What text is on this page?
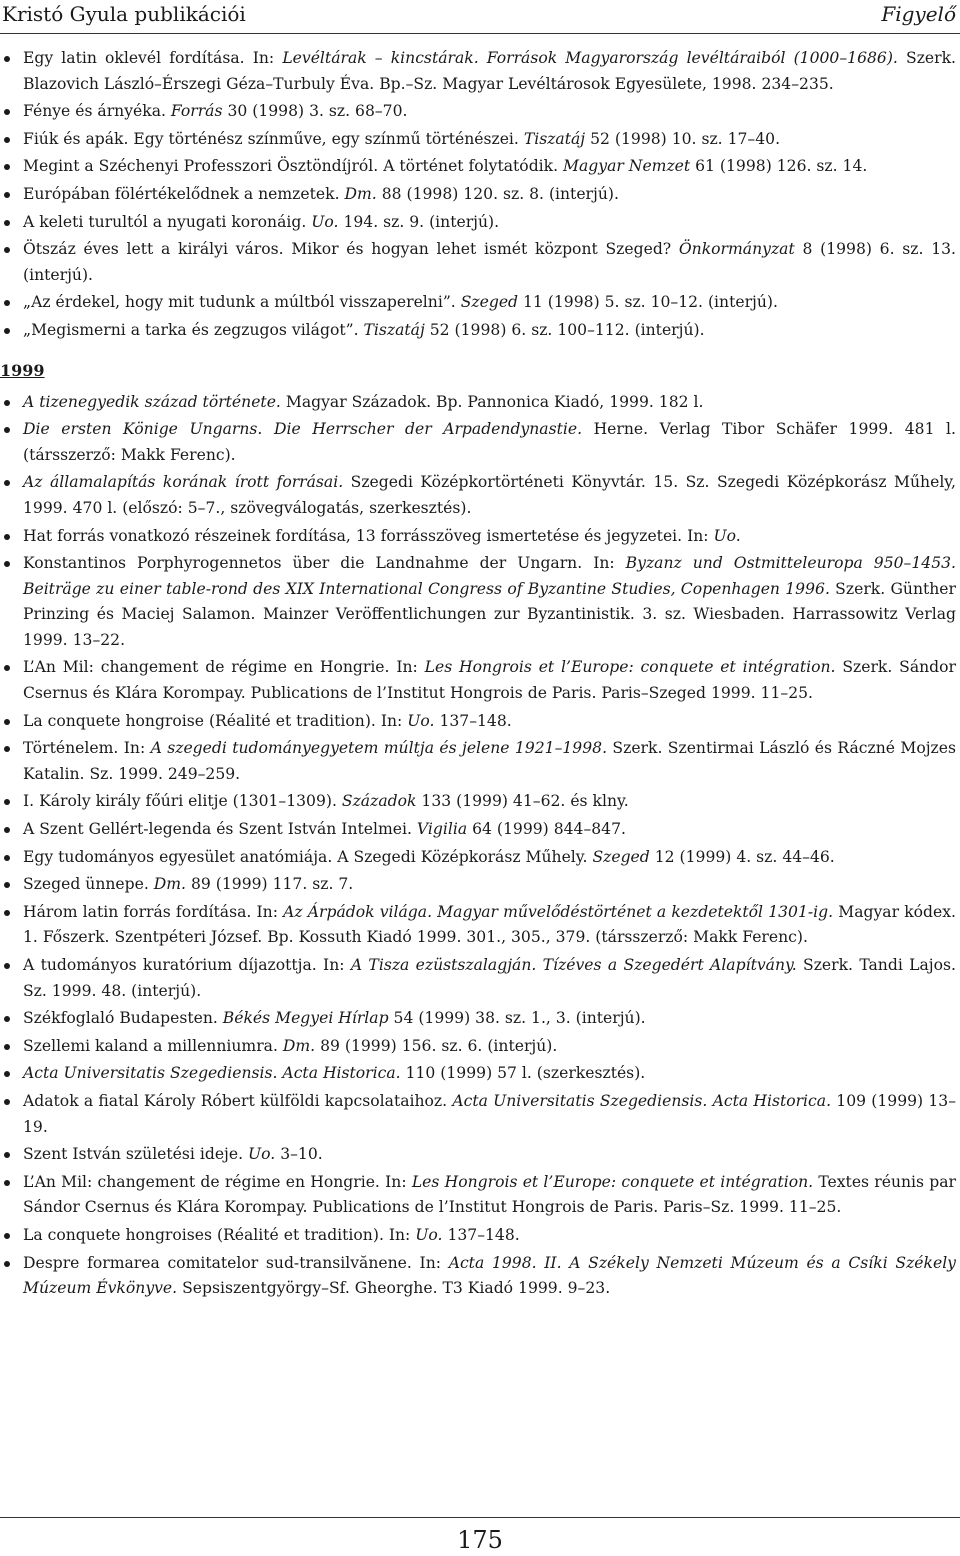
Kristó Gyula publikációi	Figyelő
Egy latin oklevél fordítása. In: Levéltárak – kincstárak. Források Magyarország levéltáraiból (1000–1686). Szerk. Blazovich László–Érszegi Géza–Turbuly Éva. Bp.–Sz. Magyar Levéltárosok Egyesülete, 1998. 234–235.
Fénye és árnyéka. Forrás 30 (1998) 3. sz. 68–70.
Fiúk és apák. Egy történész színműve, egy színmű történészei. Tiszatáj 52 (1998) 10. sz. 17–40.
Megint a Széchenyi Professzori Ösztöndíjról. A történet folytatódik. Magyar Nemzet 61 (1998) 126. sz. 14.
Európában fölértékelődnek a nemzetek. Dm. 88 (1998) 120. sz. 8. (interjú).
A keleti turultól a nyugati koronáig. Uo. 194. sz. 9. (interjú).
Ötszáz éves lett a királyi város. Mikor és hogyan lehet ismét központ Szeged? Önkormányzat 8 (1998) 6. sz. 13. (interjú).
„Az érdekel, hogy mit tudunk a múltból visszaperelni”. Szeged 11 (1998) 5. sz. 10–12. (interjú).
„Megismerni a tarka és zegzugos világot”. Tiszatáj 52 (1998) 6. sz. 100–112. (interjú).
1999
A tizenegyedik század története. Magyar Századok. Bp. Pannonica Kiadó, 1999. 182 l.
Die ersten Könige Ungarns. Die Herrscher der Arpadendynastie. Herne. Verlag Tibor Schäfer 1999. 481 l. (társszerző: Makk Ferenc).
Az államalapítás korának írott forrásai. Szegedi Középkortörténeti Könyvtár. 15. Sz. Szegedi Középkorász Műhely, 1999. 470 l. (előszó: 5–7., szövegválogatás, szerkesztés).
Hat forrás vonatkozó részeinek fordítása, 13 forrásszöveg ismertetése és jegyzetei. In: Uo.
Konstantinos Porphyrogennetos über die Landnahme der Ungarn. In: Byzanz und Ostmitteleuropa 950–1453. Beiträge zu einer table-rond des XIX International Congress of Byzantine Studies, Copenhagen 1996. Szerk. Günther Prinzing és Maciej Salamon. Mainzer Veröffentlichungen zur Byzantinistik. 3. sz. Wiesbaden. Harrassowitz Verlag 1999. 13–22.
L’An Mil: changement de régime en Hongrie. In: Les Hongrois et l’Europe: conquete et intégration. Szerk. Sándor Csernus és Klára Korompay. Publications de l’Institut Hongrois de Paris. Paris–Szeged 1999. 11–25.
La conquete hongroise (Réalité et tradition). In: Uo. 137–148.
Történelem. In: A szegedi tudományegyetem múltja és jelene 1921–1998. Szerk. Szentirmai László és Ráczné Mojzes Katalin. Sz. 1999. 249–259.
I. Károly király főúri elitje (1301–1309). Századok 133 (1999) 41–62. és klny.
A Szent Gellért-legenda és Szent István Intelmei. Vigilia 64 (1999) 844–847.
Egy tudományos egyesület anatómiája. A Szegedi Középkorász Műhely. Szeged 12 (1999) 4. sz. 44–46.
Szeged ünnepe. Dm. 89 (1999) 117. sz. 7.
Három latin forrás fordítása. In: Az Árpádok világa. Magyar művelődéstörténet a kezdetektől 1301-ig. Magyar kódex. 1. Főszerk. Szentpéteri József. Bp. Kossuth Kiadó 1999. 301., 305., 379. (társszerző: Makk Ferenc).
A tudományos kuratórium díjazottja. In: A Tisza ezüstszalagján. Tízéves a Szegedért Alapítvány. Szerk. Tandi Lajos. Sz. 1999. 48. (interjú).
Székfoglaló Budapesten. Békés Megyei Hírlap 54 (1999) 38. sz. 1., 3. (interjú).
Szellemi kaland a millenniumra. Dm. 89 (1999) 156. sz. 6. (interjú).
Acta Universitatis Szegediensis. Acta Historica. 110 (1999) 57 l. (szerkesztés).
Adatok a fiatal Károly Róbert külföldi kapcsolataihoz. Acta Universitatis Szegediensis. Acta Historica. 109 (1999) 13–19.
Szent István születési ideje. Uo. 3–10.
L’An Mil: changement de régime en Hongrie. In: Les Hongrois et l’Europe: conquete et intégration. Textes réunis par Sándor Csernus és Klára Korompay. Publications de l’Institut Hongrois de Paris. Paris–Sz. 1999. 11–25.
La conquete hongroises (Réalité et tradition). In: Uo. 137–148.
Despre formarea comitatelor sud-transilvănene. In: Acta 1998. II. A Székely Nemzeti Múzeum és a Csíki Székely Múzeum Évkönyve. Sepsiszentgyörgy–Sf. Gheorghe. T3 Kiadó 1999. 9–23.
175
